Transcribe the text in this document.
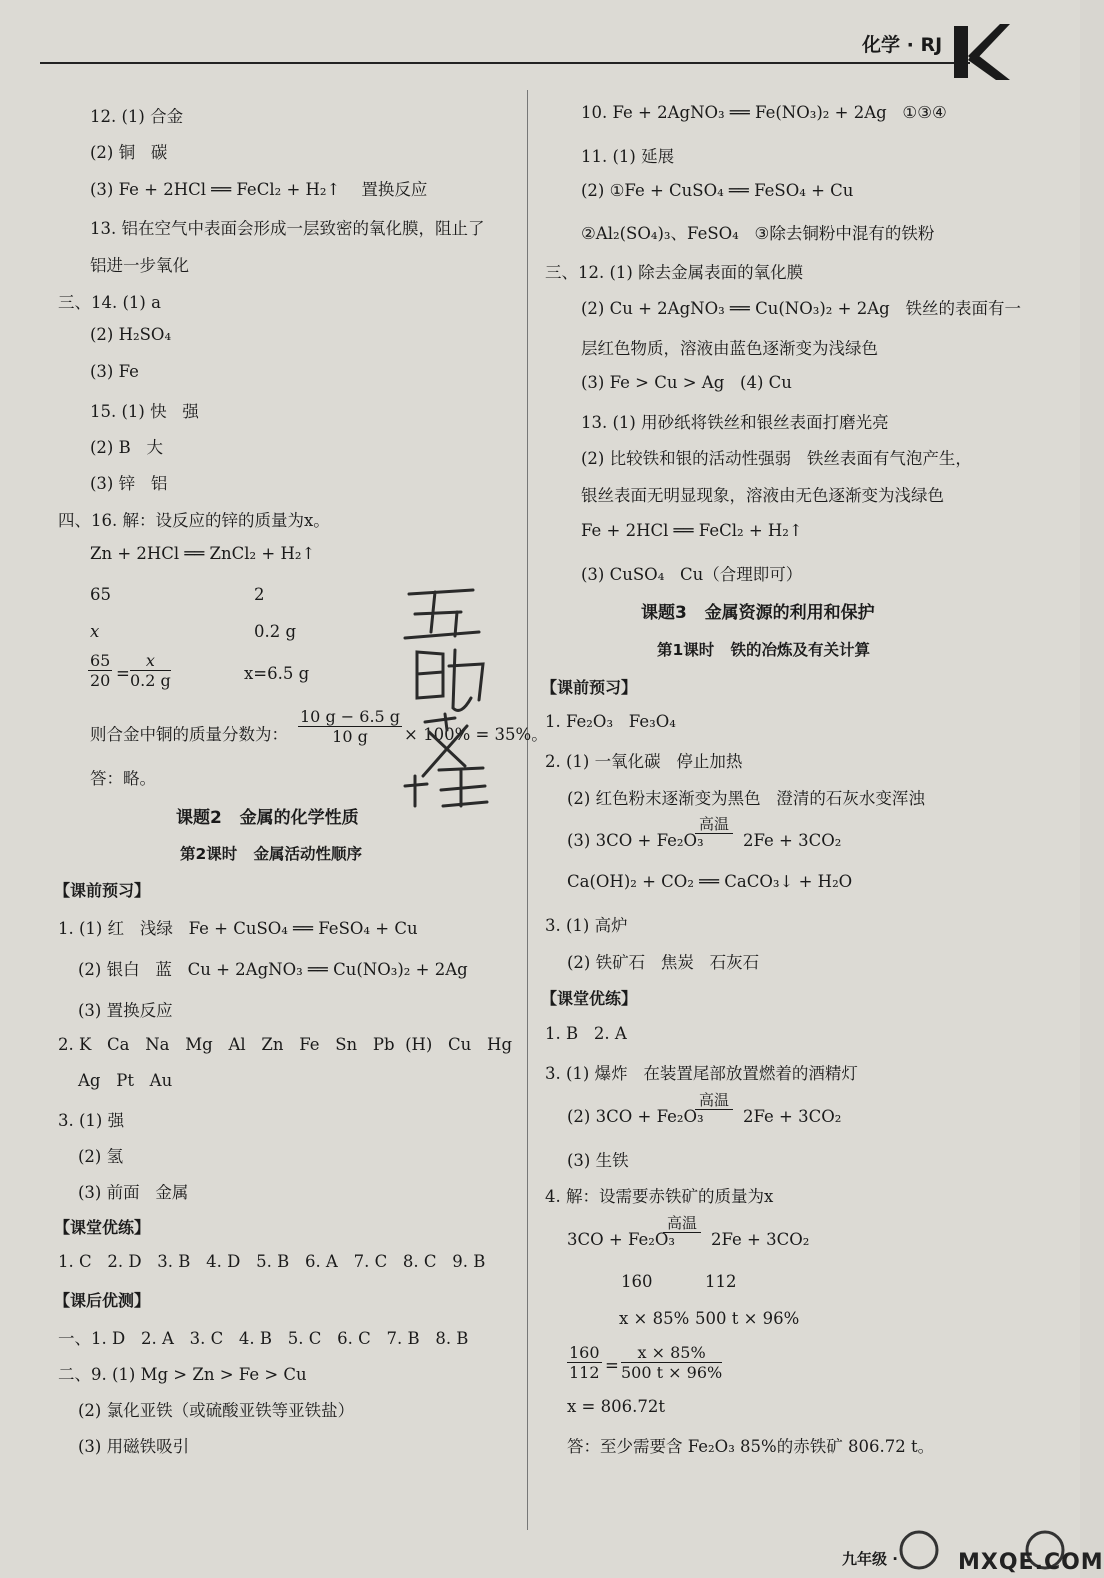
化学 · RJ
12. (1) 合金
(2) 铜   碳
(3) Fe + 2HCl ══ FeCl₂ + H₂↑    置换反应
13. 铝在空气中表面会形成一层致密的氧化膜，阻止了
铝进一步氧化
三、14. (1) a
(2) H₂SO₄
(3) Fe
15. (1) 快   强
(2) B   大
(3) 锌   铝
四、16. 解：设反应的锌的质量为x。
Zn + 2HCl ══ ZnCl₂ + H₂↑
65	2
x	0.2 g
$\frac{65}{20} = \frac{x}{0.2 g}$	x=6.5 g
则合金中铜的质量分数为： $\frac{10 g - 6.5 g}{10 g} \times 100\% = 35\%$。
答：略。
课题2   金属的化学性质
第2课时   金属活动性顺序
【课前预习】
1. (1) 红   浅绿   Fe + CuSO₄ ══ FeSO₄ + Cu
(2) 银白   蓝   Cu + 2AgNO₃ ══ Cu(NO₃)₂ + 2Ag
(3) 置换反应
2. K   Ca   Na   Mg   Al   Zn   Fe   Sn   Pb  (H)   Cu   Hg
Ag   Pt   Au
3. (1) 强
(2) 氢
(3) 前面   金属
【课堂优练】
1. C   2. D   3. B   4. D   5. B   6. A   7. C   8. C   9. B
【课后优测】
一、1. D   2. A   3. C   4. B   5. C   6. C   7. B   8. B
二、9. (1) Mg > Zn > Fe > Cu
(2) 氯化亚铁（或硫酸亚铁等亚铁盐）
(3) 用磁铁吸引
10. Fe + 2AgNO₃ ══ Fe(NO₃)₂ + 2Ag   ①③④
11. (1) 延展
(2) ①Fe + CuSO₄ ══ FeSO₄ + Cu
②Al₂(SO₄)₃、FeSO₄   ③除去铜粉中混有的铁粉
三、12. (1) 除去金属表面的氧化膜
(2) Cu + 2AgNO₃ ══ Cu(NO₃)₂ + 2Ag   铁丝的表面有一
层红色物质，溶液由蓝色逐渐变为浅绿色
(3) Fe > Cu > Ag   (4) Cu
13. (1) 用砂纸将铁丝和银丝表面打磨光亮
(2) 比较铁和银的活动性强弱   铁丝表面有气泡产生，
银丝表面无明显现象，溶液由无色逐渐变为浅绿色
Fe + 2HCl ══ FeCl₂ + H₂↑
(3) CuSO₄   Cu（合理即可）
课题3   金属资源的利用和保护
第1课时   铁的冶炼及有关计算
【课前预习】
1. Fe₂O₃   Fe₃O₄
2. (1) 一氧化碳   停止加热
(2) 红色粉末逐渐变为黑色   澄清的石灰水变浑浊
(3) 3CO + Fe₂O₃
高温
2Fe + 3CO₂
Ca(OH)₂ + CO₂ ══ CaCO₃↓ + H₂O
3. (1) 高炉
(2) 铁矿石   焦炭   石灰石
【课堂优练】
1. B   2. A
3. (1) 爆炸   在装置尾部放置燃着的酒精灯
(2) 3CO + Fe₂O₃
高温
2Fe + 3CO₂
(3) 生铁
4. 解：设需要赤铁矿的质量为x
3CO + Fe₂O₃
高温
2Fe + 3CO₂
160	112
x × 85% 500 t × 96%
$\frac{160}{112} = \frac{x \times 85\%}{500 t \times 96\%}$
x = 806.72t
答：至少需要含 Fe₂O₃ 85%的赤铁矿 806.72 t。
九年级 ·	MXQE.COM
